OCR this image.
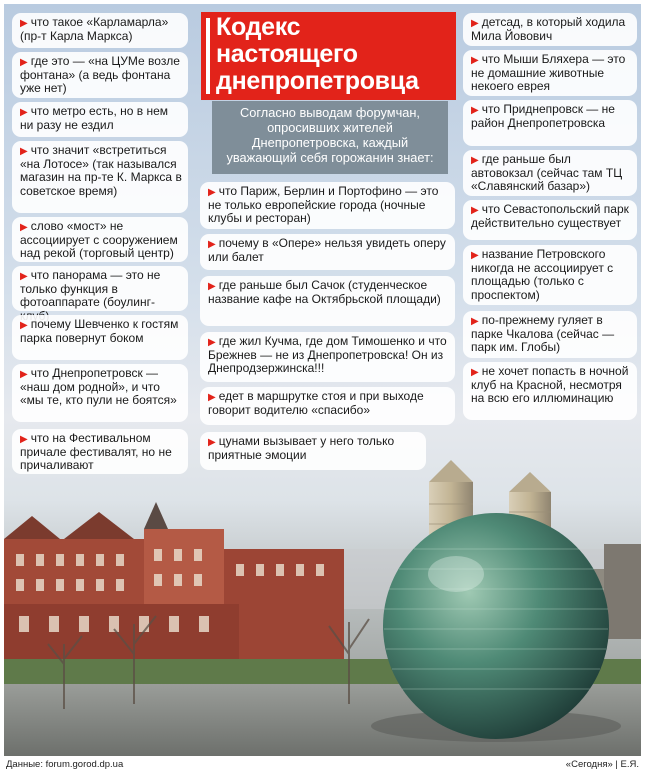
Кодекс
настоящего
днепропетровца
Согласно выводам форумчан, опросивших жителей Днепропетровска, каждый уважающий себя горожанин знает:
▶ что такое «Карламарла» (пр-т Карла Маркса)
▶ где это — «на ЦУМе возле фонтана» (а ведь фонтана уже нет)
▶ что метро есть, но в нем ни разу не ездил
▶ что значит «встретиться «на Лотосе» (так назывался магазин на пр-те К. Маркса в советское время)
▶ слово «мост» не ассоциирует с сооружением над рекой (торговый центр)
▶ что панорама — это не только функция в фотоаппарате (боулинг-
▶ почему Шевченко к гостям парка повернут боком
▶ что Днепропетровск — «наш дом родной», и что «мы те, кто пули не боятся»
▶ что на Фестивальном причале фестивалят, но не причаливают
▶ что Париж, Берлин и Портофино — это не только европейские города (ночные клубы и ресторан)
▶ почему в «Опере» нельзя увидеть оперу или балет
▶ где раньше был Сачок (студенческое название кафе на Октябрьской площади)
▶ где жил Кучма, где дом Тимошенко и что Брежнев — не из Днепропетровска! Он из Днепродзержинска!!!
▶ едет в маршрутке стоя и при выходе говорит водителю «спасибо»
▶ цунами вызывает у него только приятные эмоции
▶ детсад, в который ходила Мила Йовович
▶ что Мыши Бляхера — это не домашние животные некоего еврея
▶ что Приднепровск — не район Днепропетровска
▶ где раньше был автовокзал (сейчас там ТЦ «Славянский базар»)
▶ что Севастопольский парк действительно существует
▶ название Петровского никогда не ассоциирует с площадью (только с проспектом)
▶ по-прежнему гуляет в парке Чкалова (сейчас — парк им. Глобы)
▶ не хочет попасть в ночной клуб на Красной, несмотря на всю его иллюминацию
Данные: forum.gorod.dp.ua	«Сегодня» | Е.Я.
